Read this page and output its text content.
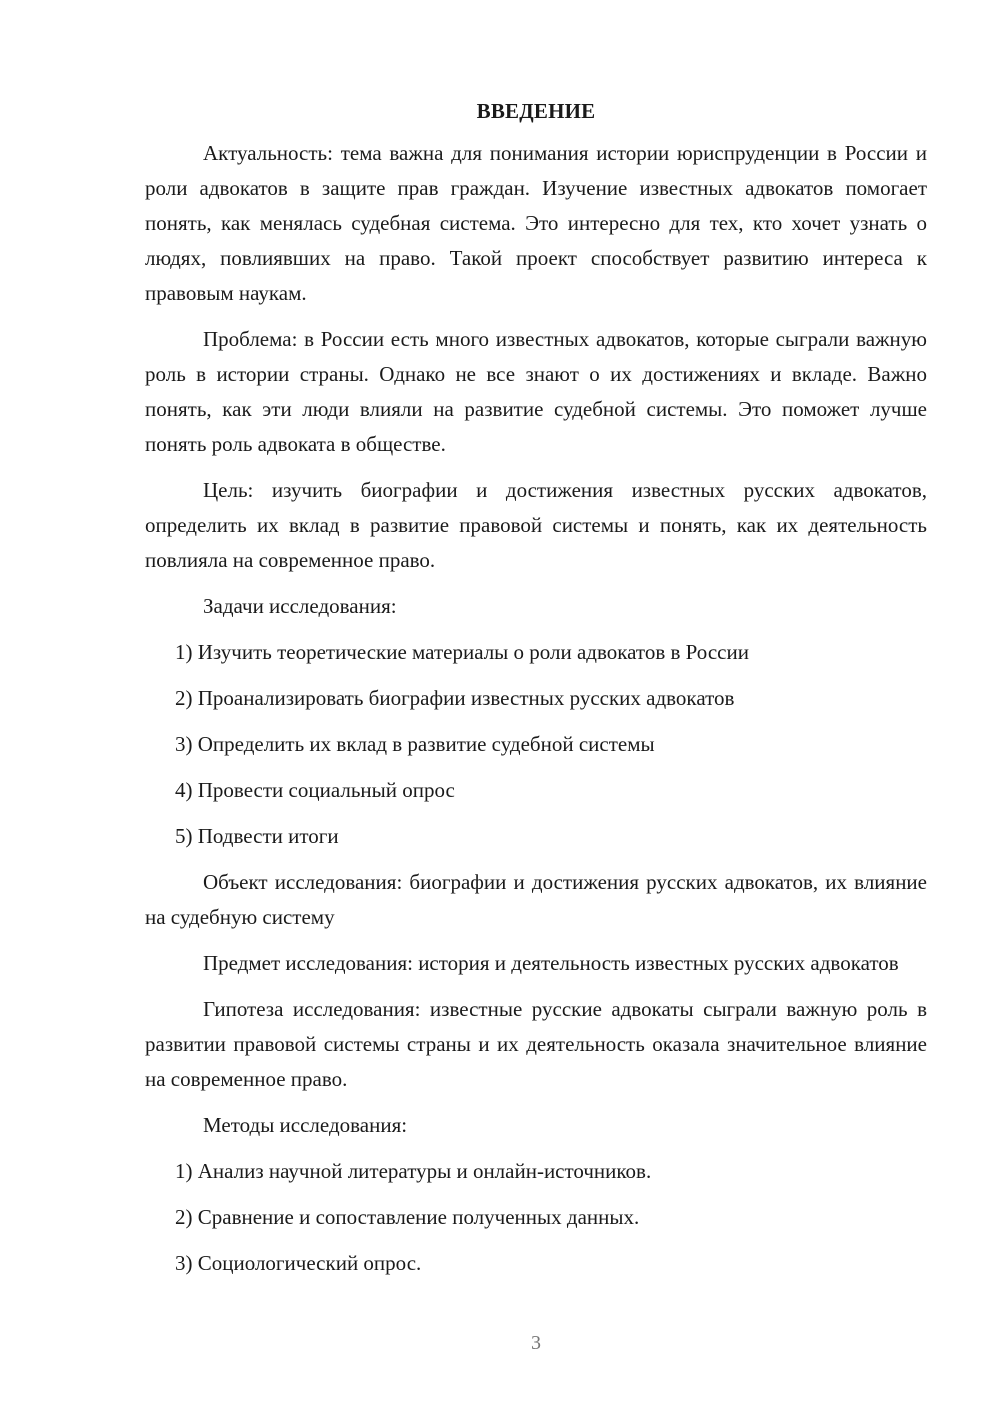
ВВЕДЕНИЕ

Актуальность: тема важна для понимания истории юриспруденции в России и роли адвокатов в защите прав граждан. Изучение известных адвокатов помогает понять, как менялась судебная система. Это интересно для тех, кто хочет узнать о людях, повлиявших на право. Такой проект способствует развитию интереса к правовым наукам.

Проблема: в России есть много известных адвокатов, которые сыграли важную роль в истории страны. Однако не все знают о их достижениях и вкладе. Важно понять, как эти люди влияли на развитие судебной системы. Это поможет лучше понять роль адвоката в обществе.

Цель: изучить биографии и достижения известных русских адвокатов, определить их вклад в развитие правовой системы и понять, как их деятельность повлияла на современное право.

Задачи исследования:
1) Изучить теоретические материалы о роли адвокатов в России
2) Проанализировать биографии известных русских адвокатов
3) Определить их вклад в развитие судебной системы
4) Провести социальный опрос
5) Подвести итоги

Объект исследования: биографии и достижения русских адвокатов, их влияние на судебную систему

Предмет исследования: история и деятельность известных русских адвокатов

Гипотеза исследования: известные русские адвокаты сыграли важную роль в развитии правовой системы страны и их деятельность оказала значительное влияние на современное право.

Методы исследования:
1) Анализ научной литературы и онлайн-источников.
2) Сравнение и сопоставление полученных данных.
3) Социологический опрос.
3
